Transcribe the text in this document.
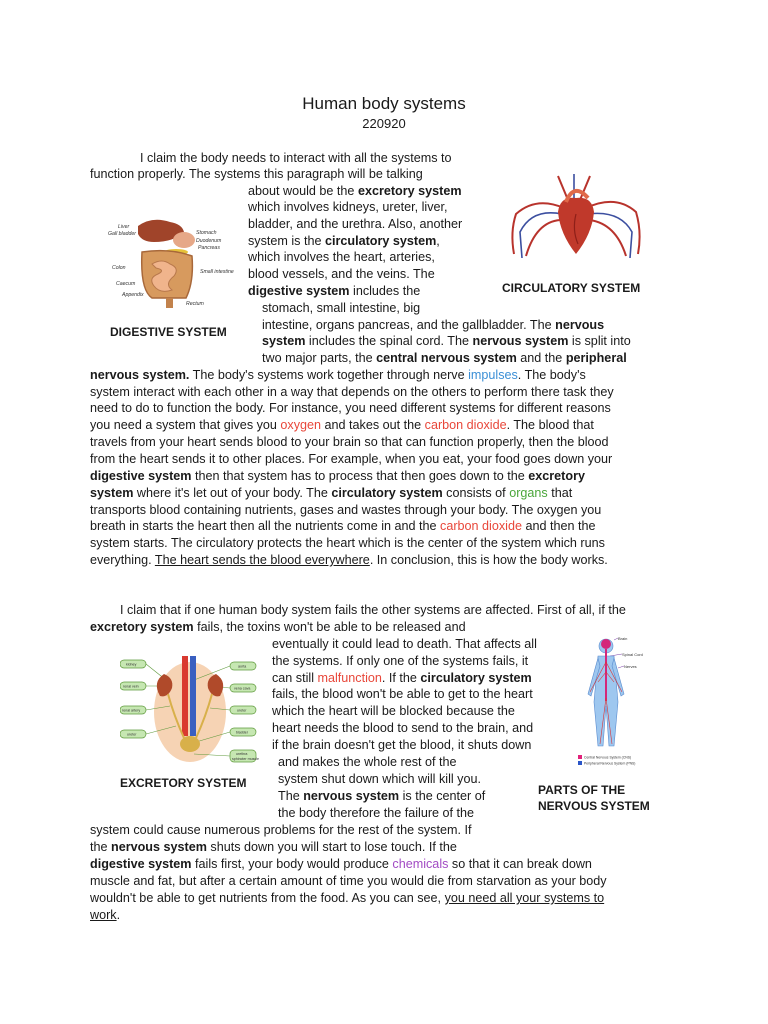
Human body systems
220920
Liver
Gall bladder	Stomach
Duodenum
Pancreas
Colon
Small intestine
Caecum
Appendix
Rectum
DIGESTIVE SYSTEM
CIRCULATORY SYSTEM
I claim the body needs to interact with all the systems to
function properly. The systems this paragraph will be talking
about would be the excretory system
which involves kidneys, ureter, liver,
bladder, and the urethra. Also, another
system is the circulatory system,
which involves the heart, arteries,
blood vessels, and the veins. The
digestive system includes the
stomach, small intestine, big
intestine, organs pancreas, and the gallbladder. The nervous
system includes the spinal cord. The nervous system is split into
two major parts, the central nervous system and the peripheral
nervous system. The body's systems work together through nerve impulses. The body's
system interact with each other in a way that depends on the others to perform there task they
need to do to function the body. For instance, you need different systems for different reasons
you need a system that gives you oxygen and takes out the carbon dioxide. The blood that
travels from your heart sends blood to your brain so that can function properly, then the blood
from the heart sends it to other places. For example, when you eat, your food goes down your
digestive system then that system has to process that then goes down to the excretory
system where it's let out of your body. The circulatory system consists of organs that
transports blood containing nutrients, gases and wastes through your body. The oxygen you
breath in starts the heart then all the nutrients come in and the carbon dioxide and then the
system starts. The circulatory protects the heart which is the center of the system which runs
everything. The heart sends the blood everywhere. In conclusion, this is how the body works.
kidney
renal vein
renal artery
ureter
aorta
vena cava
ureter
bladder
urethra
sphincter muscle
EXCRETORY SYSTEM
Brain
Spinal Cord
Nerves
Central Nervous System (CNS)
Peripheral Nervous System (PNS)
PARTS OF THE
NERVOUS SYSTEM
I claim that if one human body system fails the other systems are affected. First of all, if the
excretory system fails, the toxins won't be able to be released and
eventually it could lead to death. That affects all
the systems. If only one of the systems fails, it
can still malfunction. If the circulatory system
fails, the blood won't be able to get to the heart
which the heart will be blocked because the
heart needs the blood to send to the brain, and
if the brain doesn't get the blood, it shuts down
and makes the whole rest of the
system shut down which will kill you.
The nervous system is the center of
the body therefore the failure of the
system could cause numerous problems for the rest of the system. If
the nervous system shuts down you will start to lose touch. If the
digestive system fails first, your body would produce chemicals so that it can break down
muscle and fat, but after a certain amount of time you would die from starvation as your body
wouldn't be able to get nutrients from the food. As you can see, you need all your systems to
work.
